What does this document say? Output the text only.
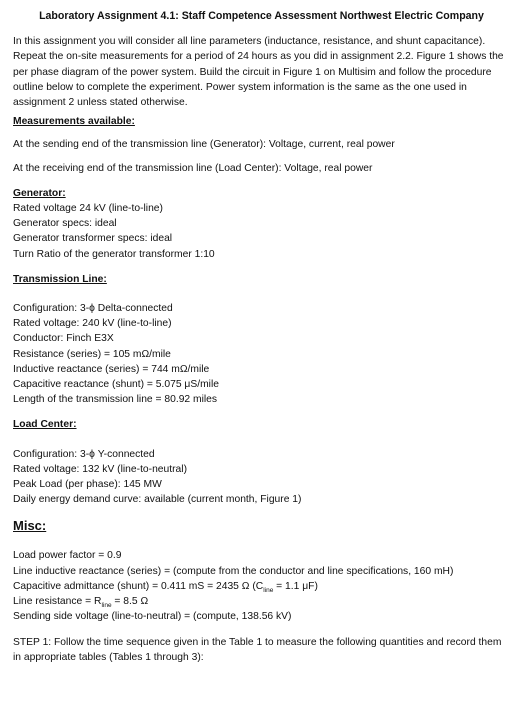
Laboratory Assignment 4.1: Staff Competence Assessment Northwest Electric Company
In this assignment you will consider all line parameters (inductance, resistance, and shunt capacitance). Repeat the on-site measurements for a period of 24 hours as you did in assignment 2.2. Figure 1 shows the per phase diagram of the power system. Build the circuit in Figure 1 on Multisim and follow the procedure outline below to complete the experiment. Power system information is the same as the one used in assignment 2 unless stated otherwise.
Measurements available:
At the sending end of the transmission line (Generator): Voltage, current, real power
At the receiving end of the transmission line (Load Center): Voltage, real power
Generator:
Rated voltage 24 kV (line-to-line)
Generator specs: ideal
Generator transformer specs: ideal
Turn Ratio of the generator transformer 1:10
Transmission Line:
Configuration: 3-ϕ Delta-connected
Rated voltage: 240 kV (line-to-line)
Conductor: Finch E3X
Resistance (series) = 105 mΩ/mile
Inductive reactance (series) = 744 mΩ/mile
Capacitive reactance (shunt) = 5.075 μS/mile
Length of the transmission line = 80.92 miles
Load Center:
Configuration: 3-ϕ Y-connected
Rated voltage: 132 kV (line-to-neutral)
Peak Load (per phase): 145 MW
Daily energy demand curve: available (current month, Figure 1)
Misc:
Load power factor = 0.9
Line inductive reactance (series) = (compute from the conductor and line specifications, 160 mH)
Capacitive admittance (shunt) = 0.411 mS = 2435 Ω ($C_{line} = 1.1$ μF)
Line resistance = $R_{line} = 8.5$ Ω
Sending side voltage (line-to-neutral) = (compute, 138.56 kV)
STEP 1: Follow the time sequence given in the Table 1 to measure the following quantities and record them in appropriate tables (Tables 1 through 3):
